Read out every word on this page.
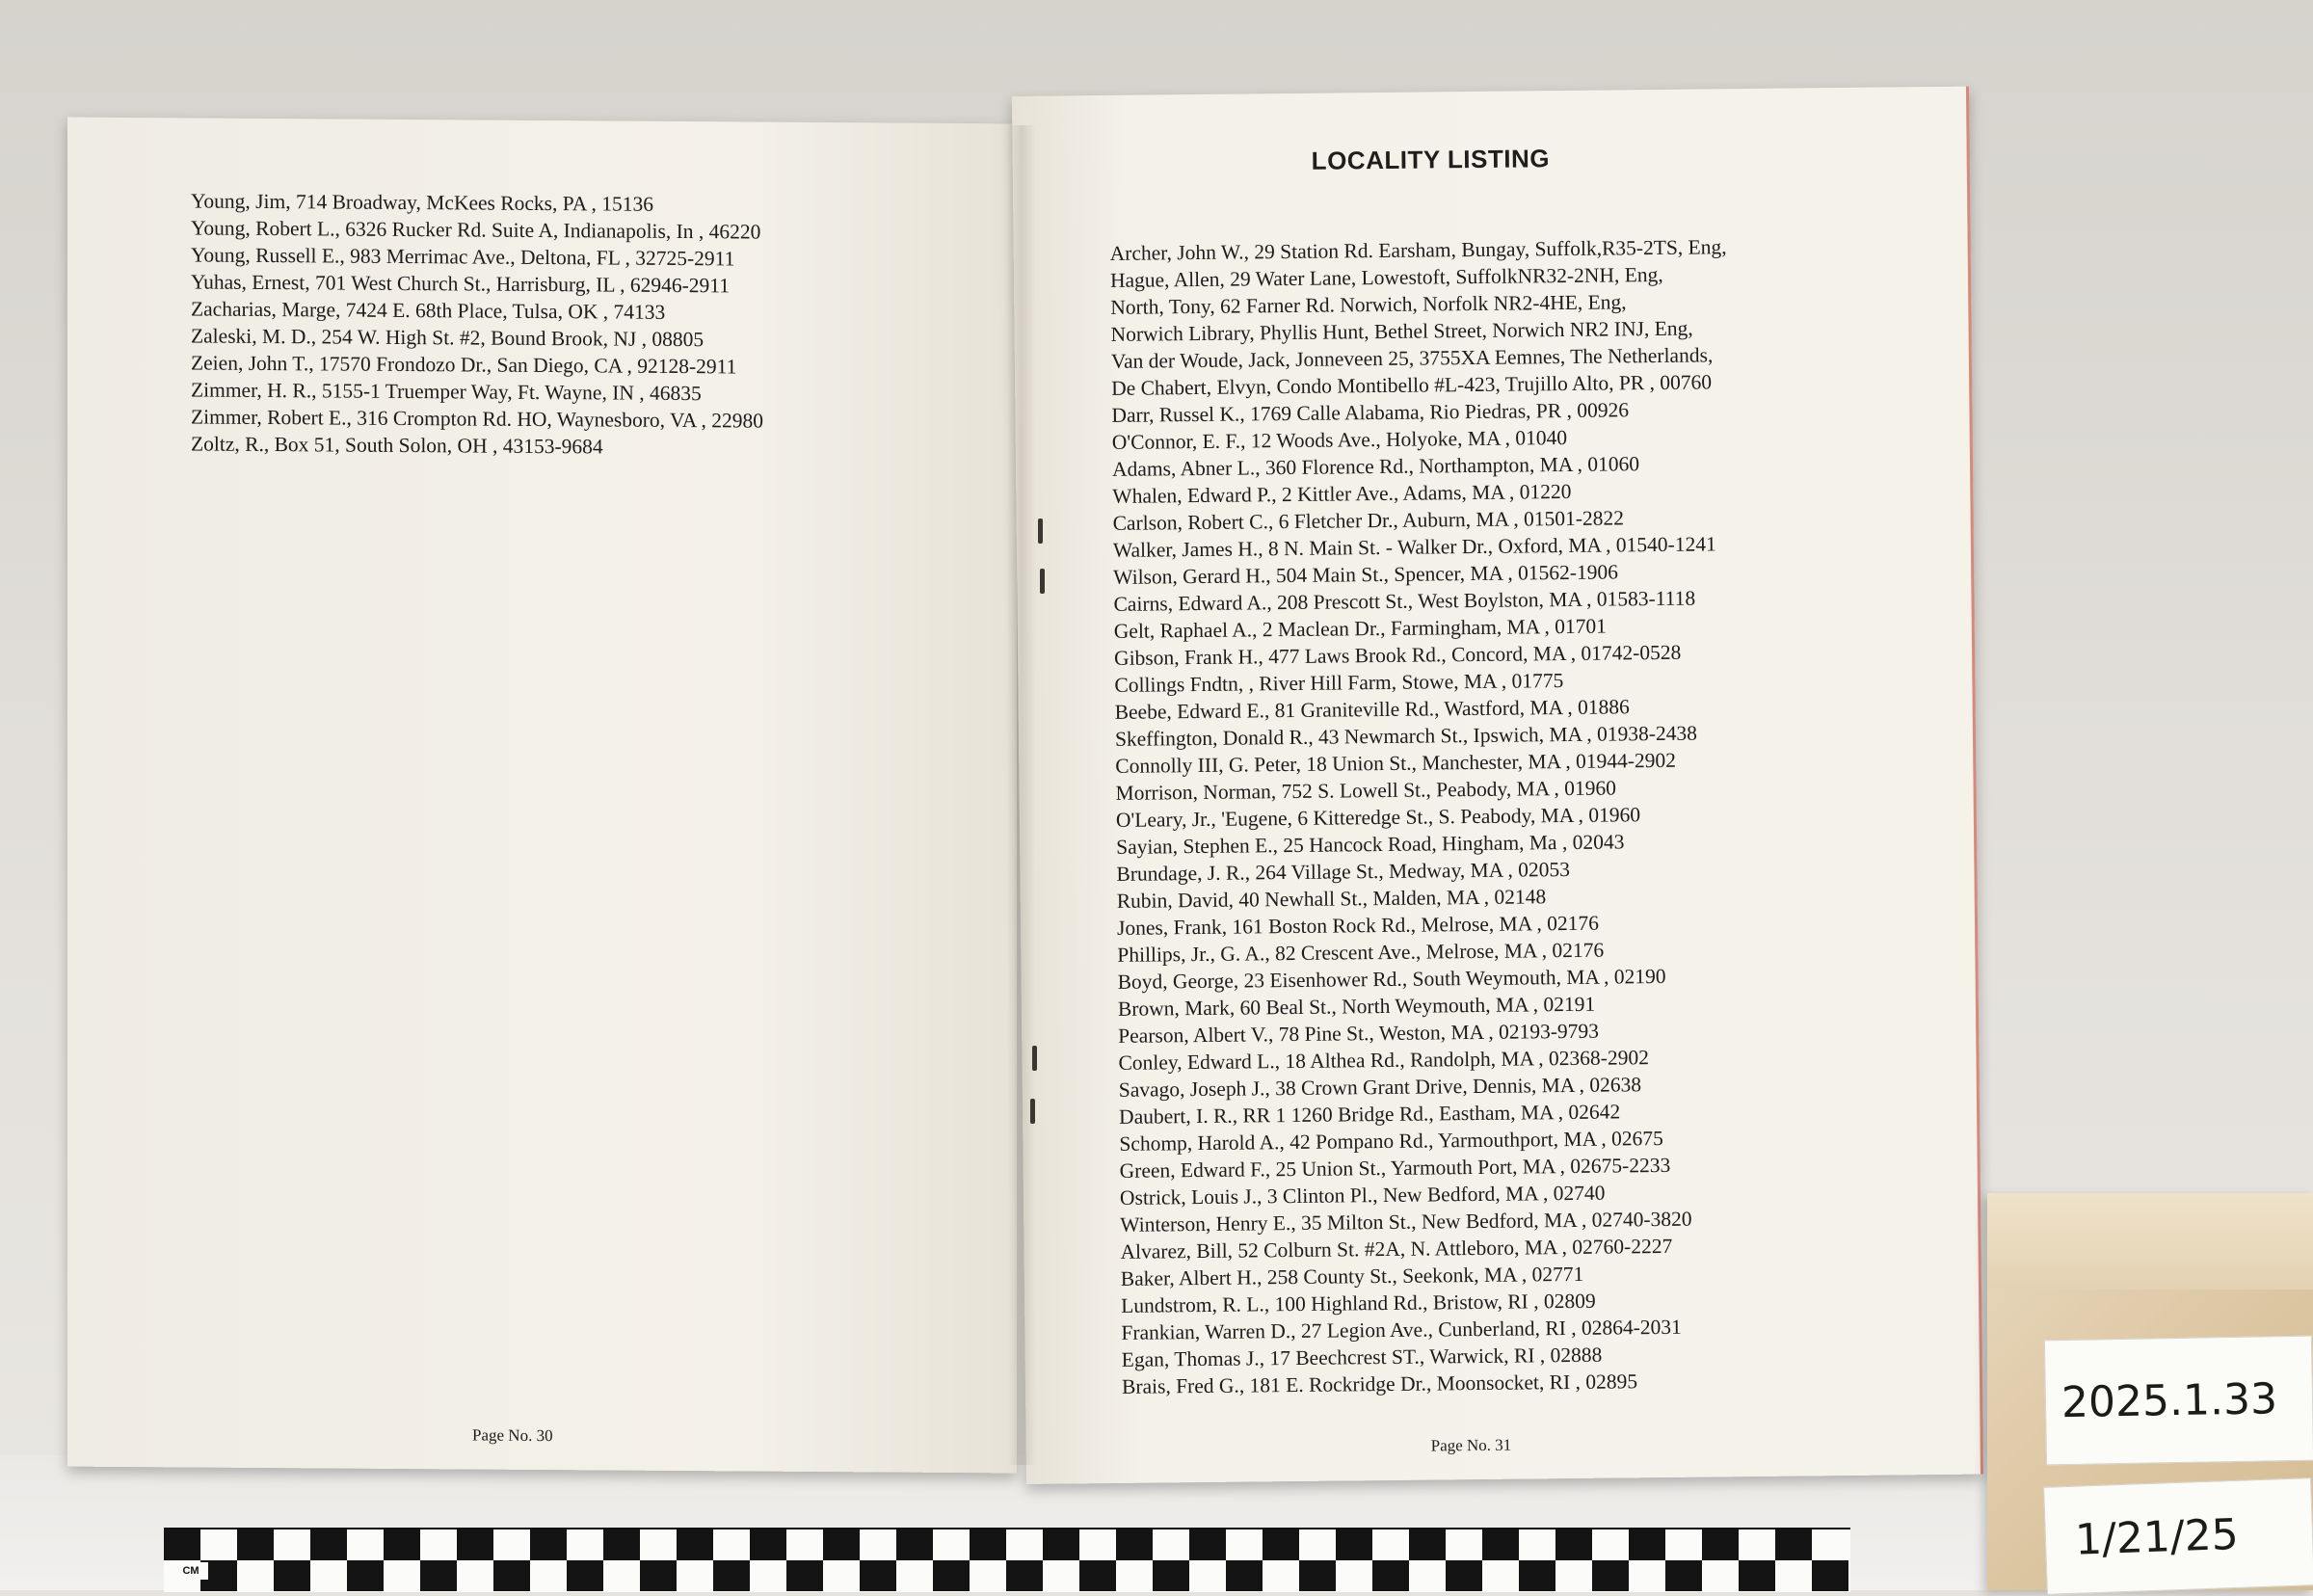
Young, Jim, 714 Broadway, McKees Rocks, PA , 15136
Young, Robert L., 6326 Rucker Rd. Suite A, Indianapolis, In , 46220
Young, Russell E., 983 Merrimac Ave., Deltona, FL , 32725-2911
Yuhas, Ernest, 701 West Church St., Harrisburg, IL , 62946-2911
Zacharias, Marge, 7424 E. 68th Place, Tulsa, OK , 74133
Zaleski, M. D., 254 W. High St. #2, Bound Brook, NJ , 08805
Zeien, John T., 17570 Frondozo Dr., San Diego, CA , 92128-2911
Zimmer, H. R., 5155-1 Truemper Way, Ft. Wayne, IN , 46835
Zimmer, Robert E., 316 Crompton Rd. HO, Waynesboro, VA , 22980
Zoltz, R., Box 51, South Solon, OH , 43153-9684
Page No. 30
LOCALITY LISTING
Archer, John W., 29 Station Rd. Earsham, Bungay, Suffolk,R35-2TS, Eng,
Hague, Allen, 29 Water Lane, Lowestoft, SuffolkNR32-2NH, Eng,
North, Tony, 62 Farner Rd. Norwich, Norfolk NR2-4HE, Eng,
Norwich Library, Phyllis Hunt, Bethel Street, Norwich NR2 INJ, Eng,
Van der Woude, Jack, Jonneveen 25, 3755XA Eemnes, The Netherlands,
De Chabert, Elvyn, Condo Montibello #L-423, Trujillo Alto, PR , 00760
Darr, Russel K., 1769 Calle Alabama, Rio Piedras, PR , 00926
O'Connor, E. F., 12 Woods Ave., Holyoke, MA , 01040
Adams, Abner L., 360 Florence Rd., Northampton, MA , 01060
Whalen, Edward P., 2 Kittler Ave., Adams, MA , 01220
Carlson, Robert C., 6 Fletcher Dr., Auburn, MA , 01501-2822
Walker, James H., 8 N. Main St. - Walker Dr., Oxford, MA , 01540-1241
Wilson, Gerard H., 504 Main St., Spencer, MA , 01562-1906
Cairns, Edward A., 208 Prescott St., West Boylston, MA , 01583-1118
Gelt, Raphael A., 2 Maclean Dr., Farmingham, MA , 01701
Gibson, Frank H., 477 Laws Brook Rd., Concord, MA , 01742-0528
Collings Fndtn, , River Hill Farm, Stowe, MA , 01775
Beebe, Edward E., 81 Graniteville Rd., Wastford, MA , 01886
Skeffington, Donald R., 43 Newmarch St., Ipswich, MA , 01938-2438
Connolly III, G. Peter, 18 Union St., Manchester, MA , 01944-2902
Morrison, Norman, 752 S. Lowell St., Peabody, MA , 01960
O'Leary, Jr., 'Eugene, 6 Kitteredge St., S. Peabody, MA , 01960
Sayian, Stephen E., 25 Hancock Road, Hingham, Ma , 02043
Brundage, J. R., 264 Village St., Medway, MA , 02053
Rubin, David, 40 Newhall St., Malden, MA , 02148
Jones, Frank, 161 Boston Rock Rd., Melrose, MA , 02176
Phillips, Jr., G. A., 82 Crescent Ave., Melrose, MA , 02176
Boyd, George, 23 Eisenhower Rd., South Weymouth, MA , 02190
Brown, Mark, 60 Beal St., North Weymouth, MA , 02191
Pearson, Albert V., 78 Pine St., Weston, MA , 02193-9793
Conley, Edward L., 18 Althea Rd., Randolph, MA , 02368-2902
Savago, Joseph J., 38 Crown Grant Drive, Dennis, MA , 02638
Daubert, I. R., RR 1 1260 Bridge Rd., Eastham, MA , 02642
Schomp, Harold A., 42 Pompano Rd., Yarmouthport, MA , 02675
Green, Edward F., 25 Union St., Yarmouth Port, MA , 02675-2233
Ostrick, Louis J., 3 Clinton Pl., New Bedford, MA , 02740
Winterson, Henry E., 35 Milton St., New Bedford, MA , 02740-3820
Alvarez, Bill, 52 Colburn St. #2A, N. Attleboro, MA , 02760-2227
Baker, Albert H., 258 County St., Seekonk, MA , 02771
Lundstrom, R. L., 100 Highland Rd., Bristow, RI , 02809
Frankian, Warren D., 27 Legion Ave., Cunberland, RI , 02864-2031
Egan, Thomas J., 17 Beechcrest ST., Warwick, RI , 02888
Brais, Fred G., 181 E. Rockridge Dr., Moonsocket, RI , 02895
Page No. 31
2025.1.33
1/21/25
CM
